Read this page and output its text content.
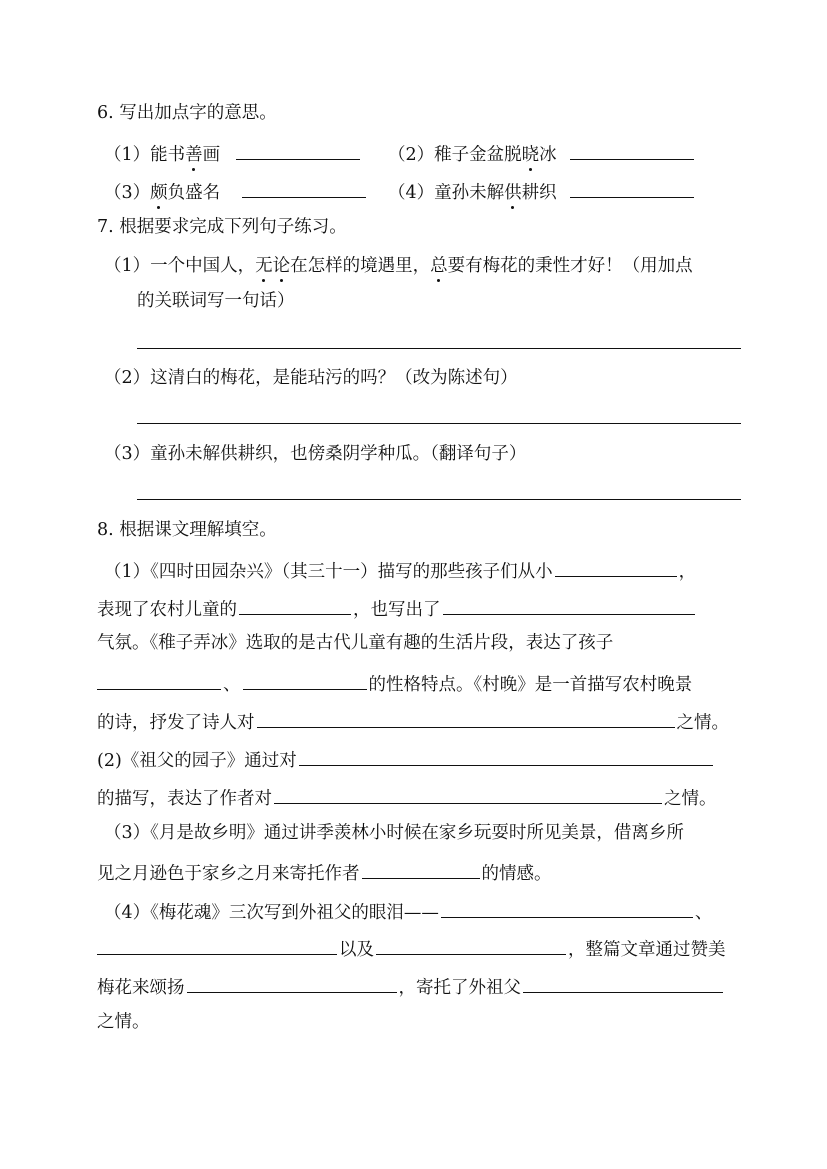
6. 写出加点字的意思。
（1）能书善画	（2）稚子金盆脱晓冰
（3）颇负盛名	（4）童孙未解供耕织
7. 根据要求完成下列句子练习。
（1）一个中国人，无论在怎样的境遇里，总要有梅花的秉性才好！（用加点
的关联词写一句话）
（2）这清白的梅花，是能玷污的吗？（改为陈述句）
（3）童孙未解供耕织，也傍桑阴学种瓜。（翻译句子）
8. 根据课文理解填空。
（1）《四时田园杂兴》（其三十一）描写的那些孩子们从小	，
表现了农村儿童的	，也写出了
气氛。《稚子弄冰》选取的是古代儿童有趣的生活片段，表达了孩子
、	的性格特点。《村晚》是一首描写农村晚景
的诗，抒发了诗人对	之情。
(2)《祖父的园子》通过对
的描写，表达了作者对	之情。
（3）《月是故乡明》通过讲季羡林小时候在家乡玩耍时所见美景，借离乡所
见之月逊色于家乡之月来寄托作者	的情感。
（4）《梅花魂》三次写到外祖父的眼泪——	、
以及	，整篇文章通过赞美
梅花来颂扬	，寄托了外祖父
之情。
